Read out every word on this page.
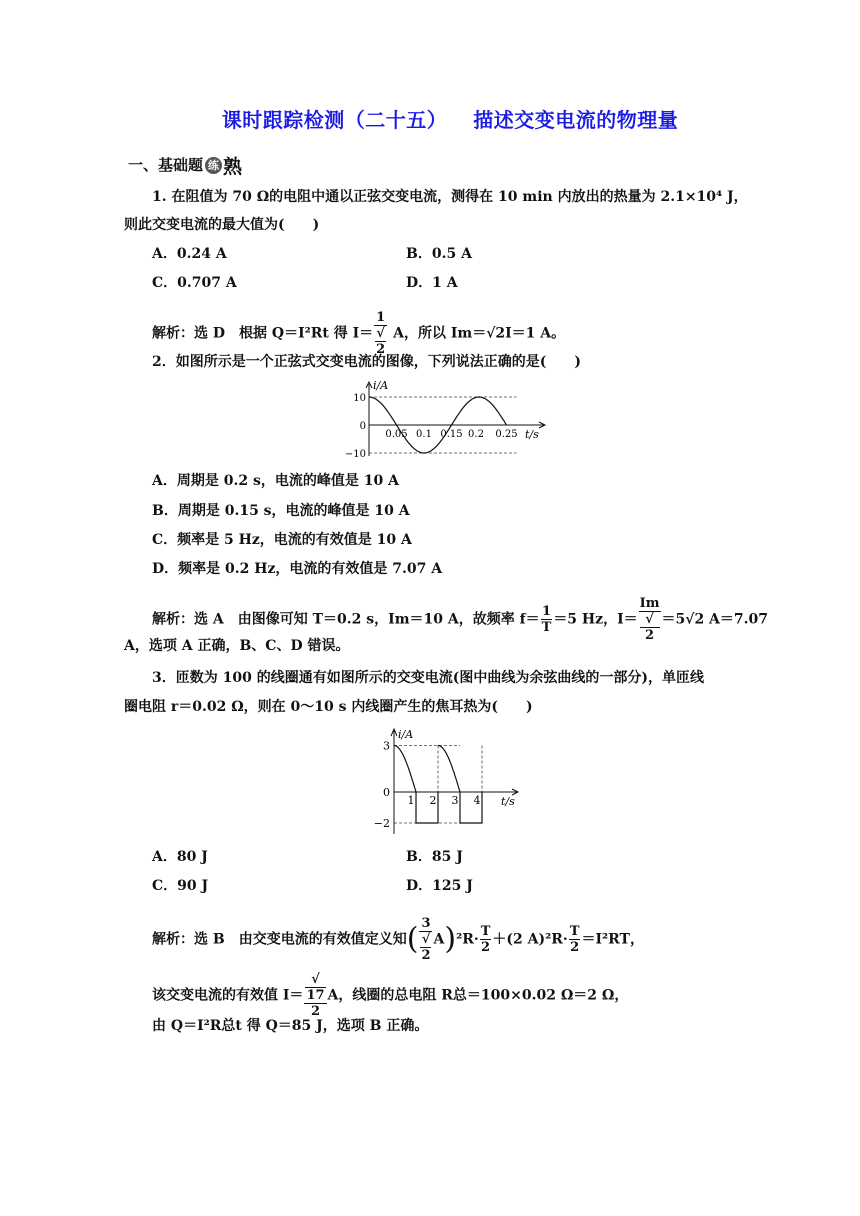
课时跟踪检测（二十五） 描述交变电流的物理量
一、基础题 练 熟
1. 在阻值为 70 Ω的电阻中通以正弦交变电流，测得在 10 min 内放出的热量为 2.1×10⁴ J，
则此交变电流的最大值为(　　)
A．0.24 A	B．0.5 A
C．0.707 A	D．1 A
解析：选 D　根据 Q＝I²Rt 得 I＝ 1
√
2 A，所以 Im＝√2I＝1 A。
2．如图所示是一个正弦式交变电流的图像，下列说法正确的是(　　)
i/A
t/s
10
0
−10
0.05 0.1 0.15 0.2 0.25
A．周期是 0.2 s，电流的峰值是 10 A
B．周期是 0.15 s，电流的峰值是 10 A
C．频率是 5 Hz，电流的有效值是 10 A
D．频率是 0.2 Hz，电流的有效值是 7.07 A
解析：选 A　由图像可知 T＝0.2 s，Im＝10 A，故频率 $f= \frac{1}{T} =5$ Hz，I＝ Im
√
2 ＝5√2 A＝7.07
A，选项 A 正确，B、C、D 错误。
3．匝数为 100 的线圈通有如图所示的交变电流(图中曲线为余弦曲线的一部分)，单匝线
圈电阻 r＝0.02 Ω，则在 0～10 s 内线圈产生的焦耳热为(　　)
i/A
t/s
3
0
−2
1 2 3 4
A．80 J	B．85 J
C．90 J	D．125 J
解析：选 B　由交变电流的有效值定义知( 3
√
2 $A)^2R\cdot \frac{T}{2} +(2$ $A)^2R\cdot \frac{T}{2} =I^2RT$，
该交变电流的有效值 I＝ √
17
2 A，线圈的总电阻 R总＝100×0.02 Ω＝2 Ω，
由 Q＝I²R总t 得 Q＝85 J，选项 B 正确。
